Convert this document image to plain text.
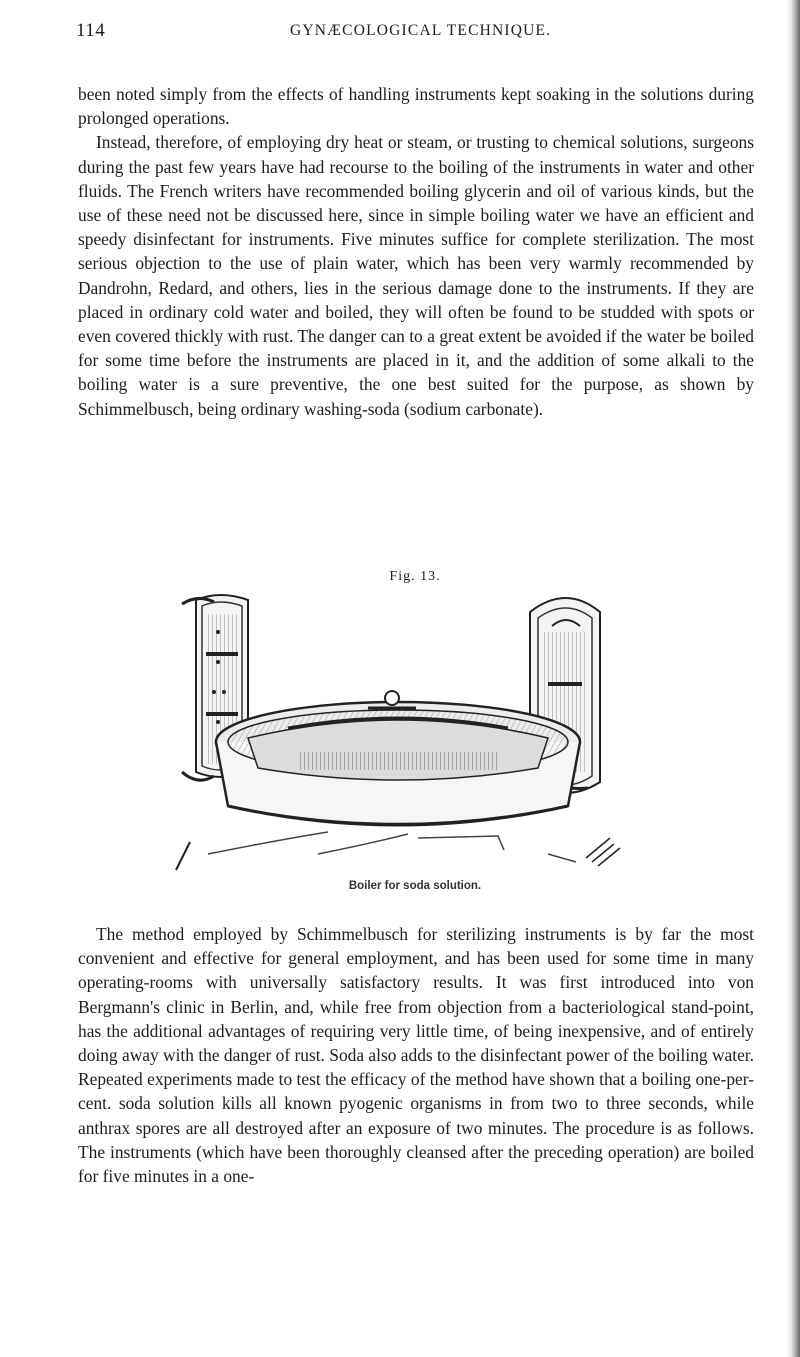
114	GYNÆCOLOGICAL TECHNIQUE.

been noted simply from the effects of handling instruments kept soaking in the solutions during prolonged operations.
Instead, therefore, of employing dry heat or steam, or trusting to chemical solutions, surgeons during the past few years have had recourse to the boiling of the instruments in water and other fluids. The French writers have recommended boiling glycerin and oil of various kinds, but the use of these need not be discussed here, since in simple boiling water we have an efficient and speedy disinfectant for instruments. Five minutes suffice for complete sterilization. The most serious objection to the use of plain water, which has been very warmly recommended by Dandrohn, Redard, and others, lies in the serious damage done to the instruments. If they are placed in ordinary cold water and boiled, they will often be found to be studded with spots or even covered thickly with rust. The danger can to a great extent be avoided if the water be boiled for some time before the instruments are placed in it, and the addition of some alkali to the boiling water is a sure preventive, the one best suited for the purpose, as shown by Schimmelbusch, being ordinary washing-soda (sodium carbonate).

Fig. 13.
Boiler for soda solution.

The method employed by Schimmelbusch for sterilizing instruments is by far the most convenient and effective for general employment, and has been used for some time in many operating-rooms with universally satisfactory results. It was first introduced into von Bergmann's clinic in Berlin, and, while free from objection from a bacteriological stand-point, has the additional advantages of requiring very little time, of being inexpensive, and of entirely doing away with the danger of rust. Soda also adds to the disinfectant power of the boiling water. Repeated experiments made to test the efficacy of the method have shown that a boiling one-per-cent. soda solution kills all known pyogenic organisms in from two to three seconds, while anthrax spores are all destroyed after an exposure of two minutes. The procedure is as follows. The instruments (which have been thoroughly cleansed after the preceding operation) are boiled for five minutes in a one-
